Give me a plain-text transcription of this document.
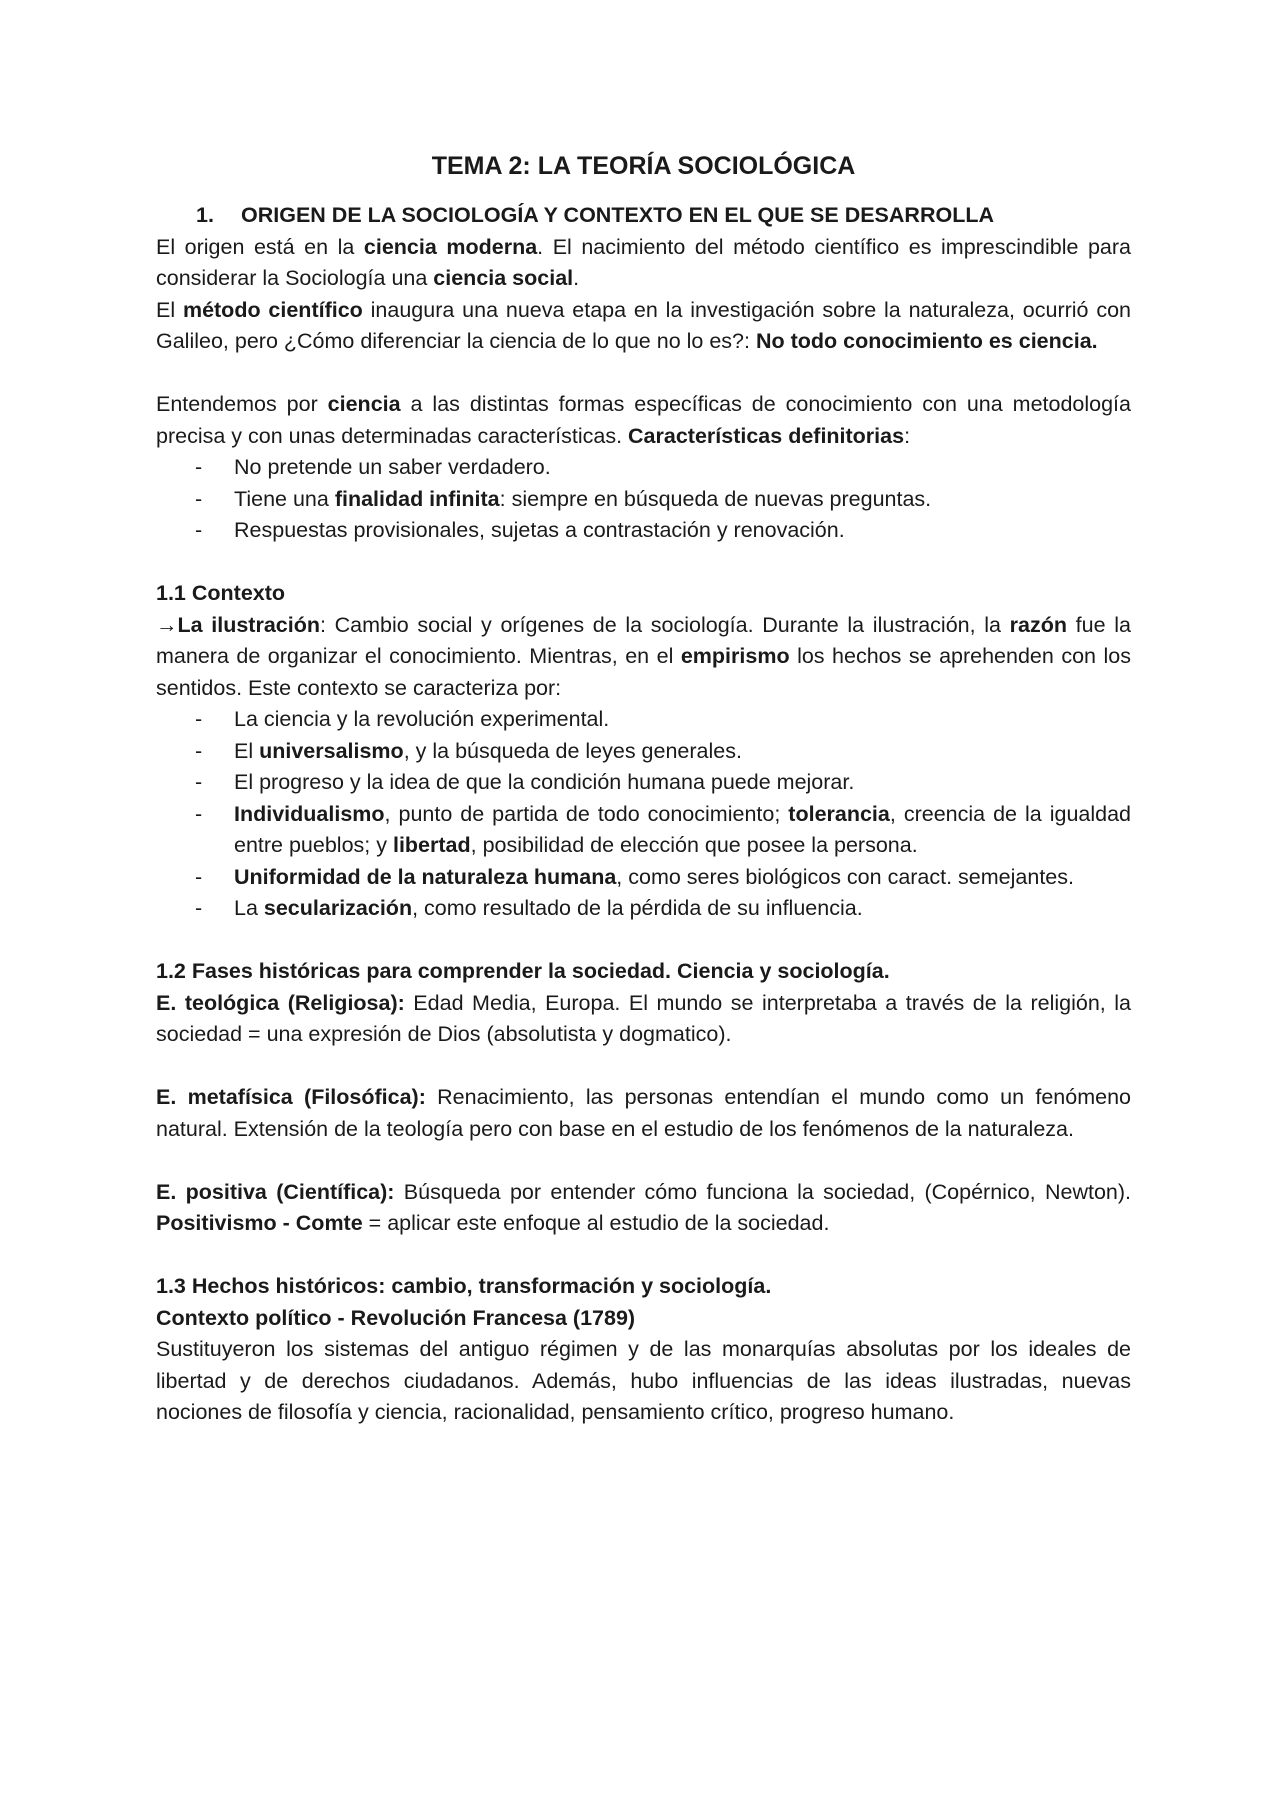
TEMA 2: LA TEORÍA SOCIOLÓGICA
1. ORIGEN DE LA SOCIOLOGÍA Y CONTEXTO EN EL QUE SE DESARROLLA

El origen está en la ciencia moderna. El nacimiento del método científico es imprescindible para considerar la Sociología una ciencia social.

El método científico inaugura una nueva etapa en la investigación sobre la naturaleza, ocurrió con Galileo, pero ¿Cómo diferenciar la ciencia de lo que no lo es?: No todo conocimiento es ciencia.

Entendemos por ciencia a las distintas formas específicas de conocimiento con una metodología precisa y con unas determinadas características. Características definitorias:

- No pretende un saber verdadero.
- Tiene una finalidad infinita: siempre en búsqueda de nuevas preguntas.
- Respuestas provisionales, sujetas a contrastación y renovación.
1.1 Contexto

→La ilustración: Cambio social y orígenes de la sociología. Durante la ilustración, la razón fue la manera de organizar el conocimiento. Mientras, en el empirismo los hechos se aprehenden con los sentidos. Este contexto se caracteriza por:

- La ciencia y la revolución experimental.
- El universalismo, y la búsqueda de leyes generales.
- El progreso y la idea de que la condición humana puede mejorar.
- Individualismo, punto de partida de todo conocimiento; tolerancia, creencia de la igualdad entre pueblos; y libertad, posibilidad de elección que posee la persona.
- Uniformidad de la naturaleza humana, como seres biológicos con caract. semejantes.
- La secularización, como resultado de la pérdida de su influencia.
1.2 Fases históricas para comprender la sociedad. Ciencia y sociología.

E. teológica (Religiosa): Edad Media, Europa. El mundo se interpretaba a través de la religión, la sociedad = una expresión de Dios (absolutista y dogmatico).

E. metafísica (Filosófica): Renacimiento, las personas entendían el mundo como un fenómeno natural. Extensión de la teología pero con base en el estudio de los fenómenos de la naturaleza.

E. positiva (Científica): Búsqueda por entender cómo funciona la sociedad, (Copérnico, Newton). Positivismo - Comte = aplicar este enfoque al estudio de la sociedad.

1.3 Hechos históricos: cambio, transformación y sociología.
Contexto político - Revolución Francesa (1789)

Sustituyeron los sistemas del antiguo régimen y de las monarquías absolutas por los ideales de libertad y de derechos ciudadanos. Además, hubo influencias de las ideas ilustradas, nuevas nociones de filosofía y ciencia, racionalidad, pensamiento crítico, progreso humano.
